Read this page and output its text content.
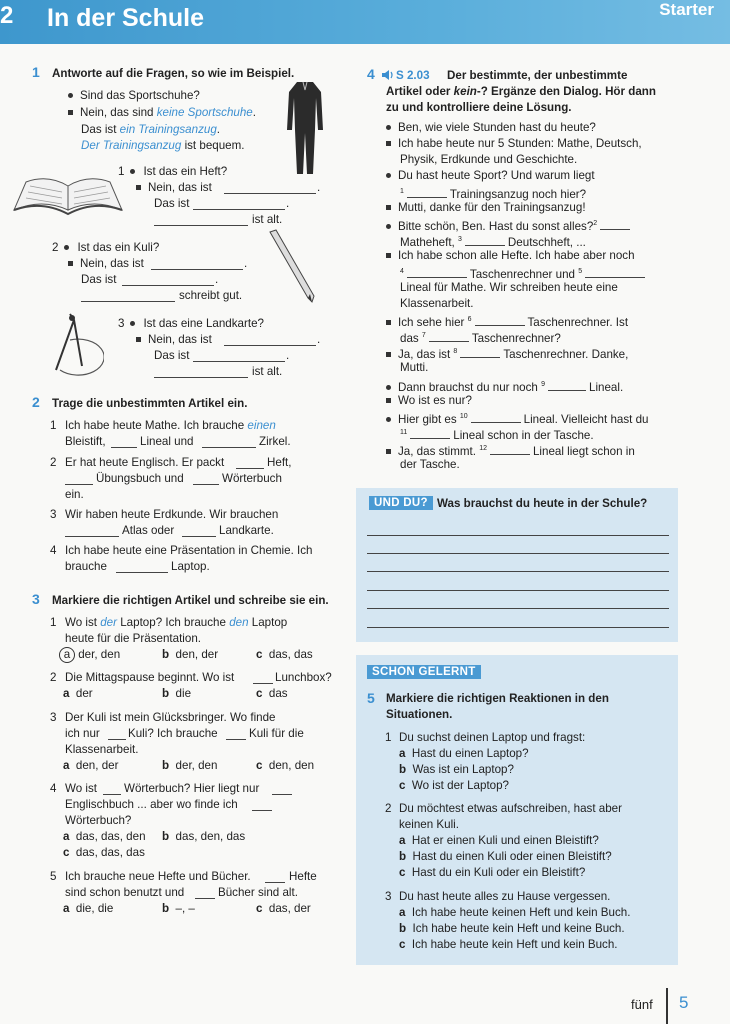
2 In der Schule	Starter
1 Antworte auf die Fragen, so wie im Beispiel.
Sind das Sportschuhe?
Nein, das sind keine Sportschuhe.
Das ist ein Trainingsanzug.
Der Trainingsanzug ist bequem.
1 Ist das ein Heft?
Nein, das ist	.
Das ist	.
ist alt.
2 Ist das ein Kuli?
Nein, das ist	.
Das ist	.
schreibt gut.
3 Ist das eine Landkarte?
Nein, das ist	.
Das ist	.
ist alt.
2 Trage die unbestimmten Artikel ein.
1 Ich habe heute Mathe. Ich brauche einen
Bleistift,	Lineal und	Zirkel.
2 Er hat heute Englisch. Er packt	Heft,
Übungsbuch und	Wörterbuch
ein.
3 Wir haben heute Erdkunde. Wir brauchen
Atlas oder	Landkarte.
4 Ich habe heute eine Präsentation in Chemie. Ich
brauche	Laptop.
3 Markiere die richtigen Artikel und schreibe sie ein.
1 Wo ist der Laptop? Ich brauche den Laptop
heute für die Präsentation.
a der, den	b den, der	c das, das
2 Die Mittagspause beginnt. Wo ist	Lunchbox?
a der	b die	c das
3 Der Kuli ist mein Glücksbringer. Wo finde
ich nur Kuli? Ich brauche	Kuli für die
Klassenarbeit.
a den, der	b der, den	c den, den
4 Wo ist Wörterbuch? Hier liegt nur
Englischbuch ... aber wo finde ich
Wörterbuch?
a das, das, den b das, den, das
c das, das, das
5 Ich brauche neue Hefte und Bücher.	Hefte
sind schon benutzt und	Bücher sind alt.
a die, die	b –, –	c das, der
4 S 2.03 Der bestimmte, der unbestimmte
Artikel oder kein-? Ergänze den Dialog. Hör dann
zu und kontrolliere deine Lösung.
Ben, wie viele Stunden hast du heute?
Ich habe heute nur 5 Stunden: Mathe, Deutsch,
Physik, Erdkunde und Geschichte.
Du hast heute Sport? Und warum liegt
$^1$	Trainingsanzug noch hier?
Mutti, danke für den Trainingsanzug!
Bitte schön, Ben. Hast du sonst alles?$^2$
Matheheft, $^3$	Deutschheft, ...
Ich habe schon alle Hefte. Ich habe aber noch
$^4$	Taschenrechner und $^5$
Lineal für Mathe. Wir schreiben heute eine
Klassenarbeit.
Ich sehe hier $^6$	Taschenrechner. Ist
das $^7$	Taschenrechner?
Ja, das ist $^8$	Taschenrechner. Danke,
Mutti.
Dann brauchst du nur noch $^9$	Lineal.
Wo ist es nur?
Hier gibt es $^{10}$	Lineal. Vielleicht hast du
$^{11}$	Lineal schon in der Tasche.
Ja, das stimmt. $^{12}$	Lineal liegt schon in
der Tasche.
UND DU? Was brauchst du heute in der Schule?
SCHON GELERNT
5 Markiere die richtigen Reaktionen in den
Situationen.
1 Du suchst deinen Laptop und fragst:
a Hast du einen Laptop?
b Was ist ein Laptop?
c Wo ist der Laptop?
2 Du möchtest etwas aufschreiben, hast aber
keinen Kuli.
a Hat er einen Kuli und einen Bleistift?
b Hast du einen Kuli oder einen Bleistift?
c Hast du ein Kuli oder ein Bleistift?
3 Du hast heute alles zu Hause vergessen.
a Ich habe heute keinen Heft und kein Buch.
b Ich habe heute kein Heft und keine Buch.
c Ich habe heute kein Heft und kein Buch.
fünf 5
